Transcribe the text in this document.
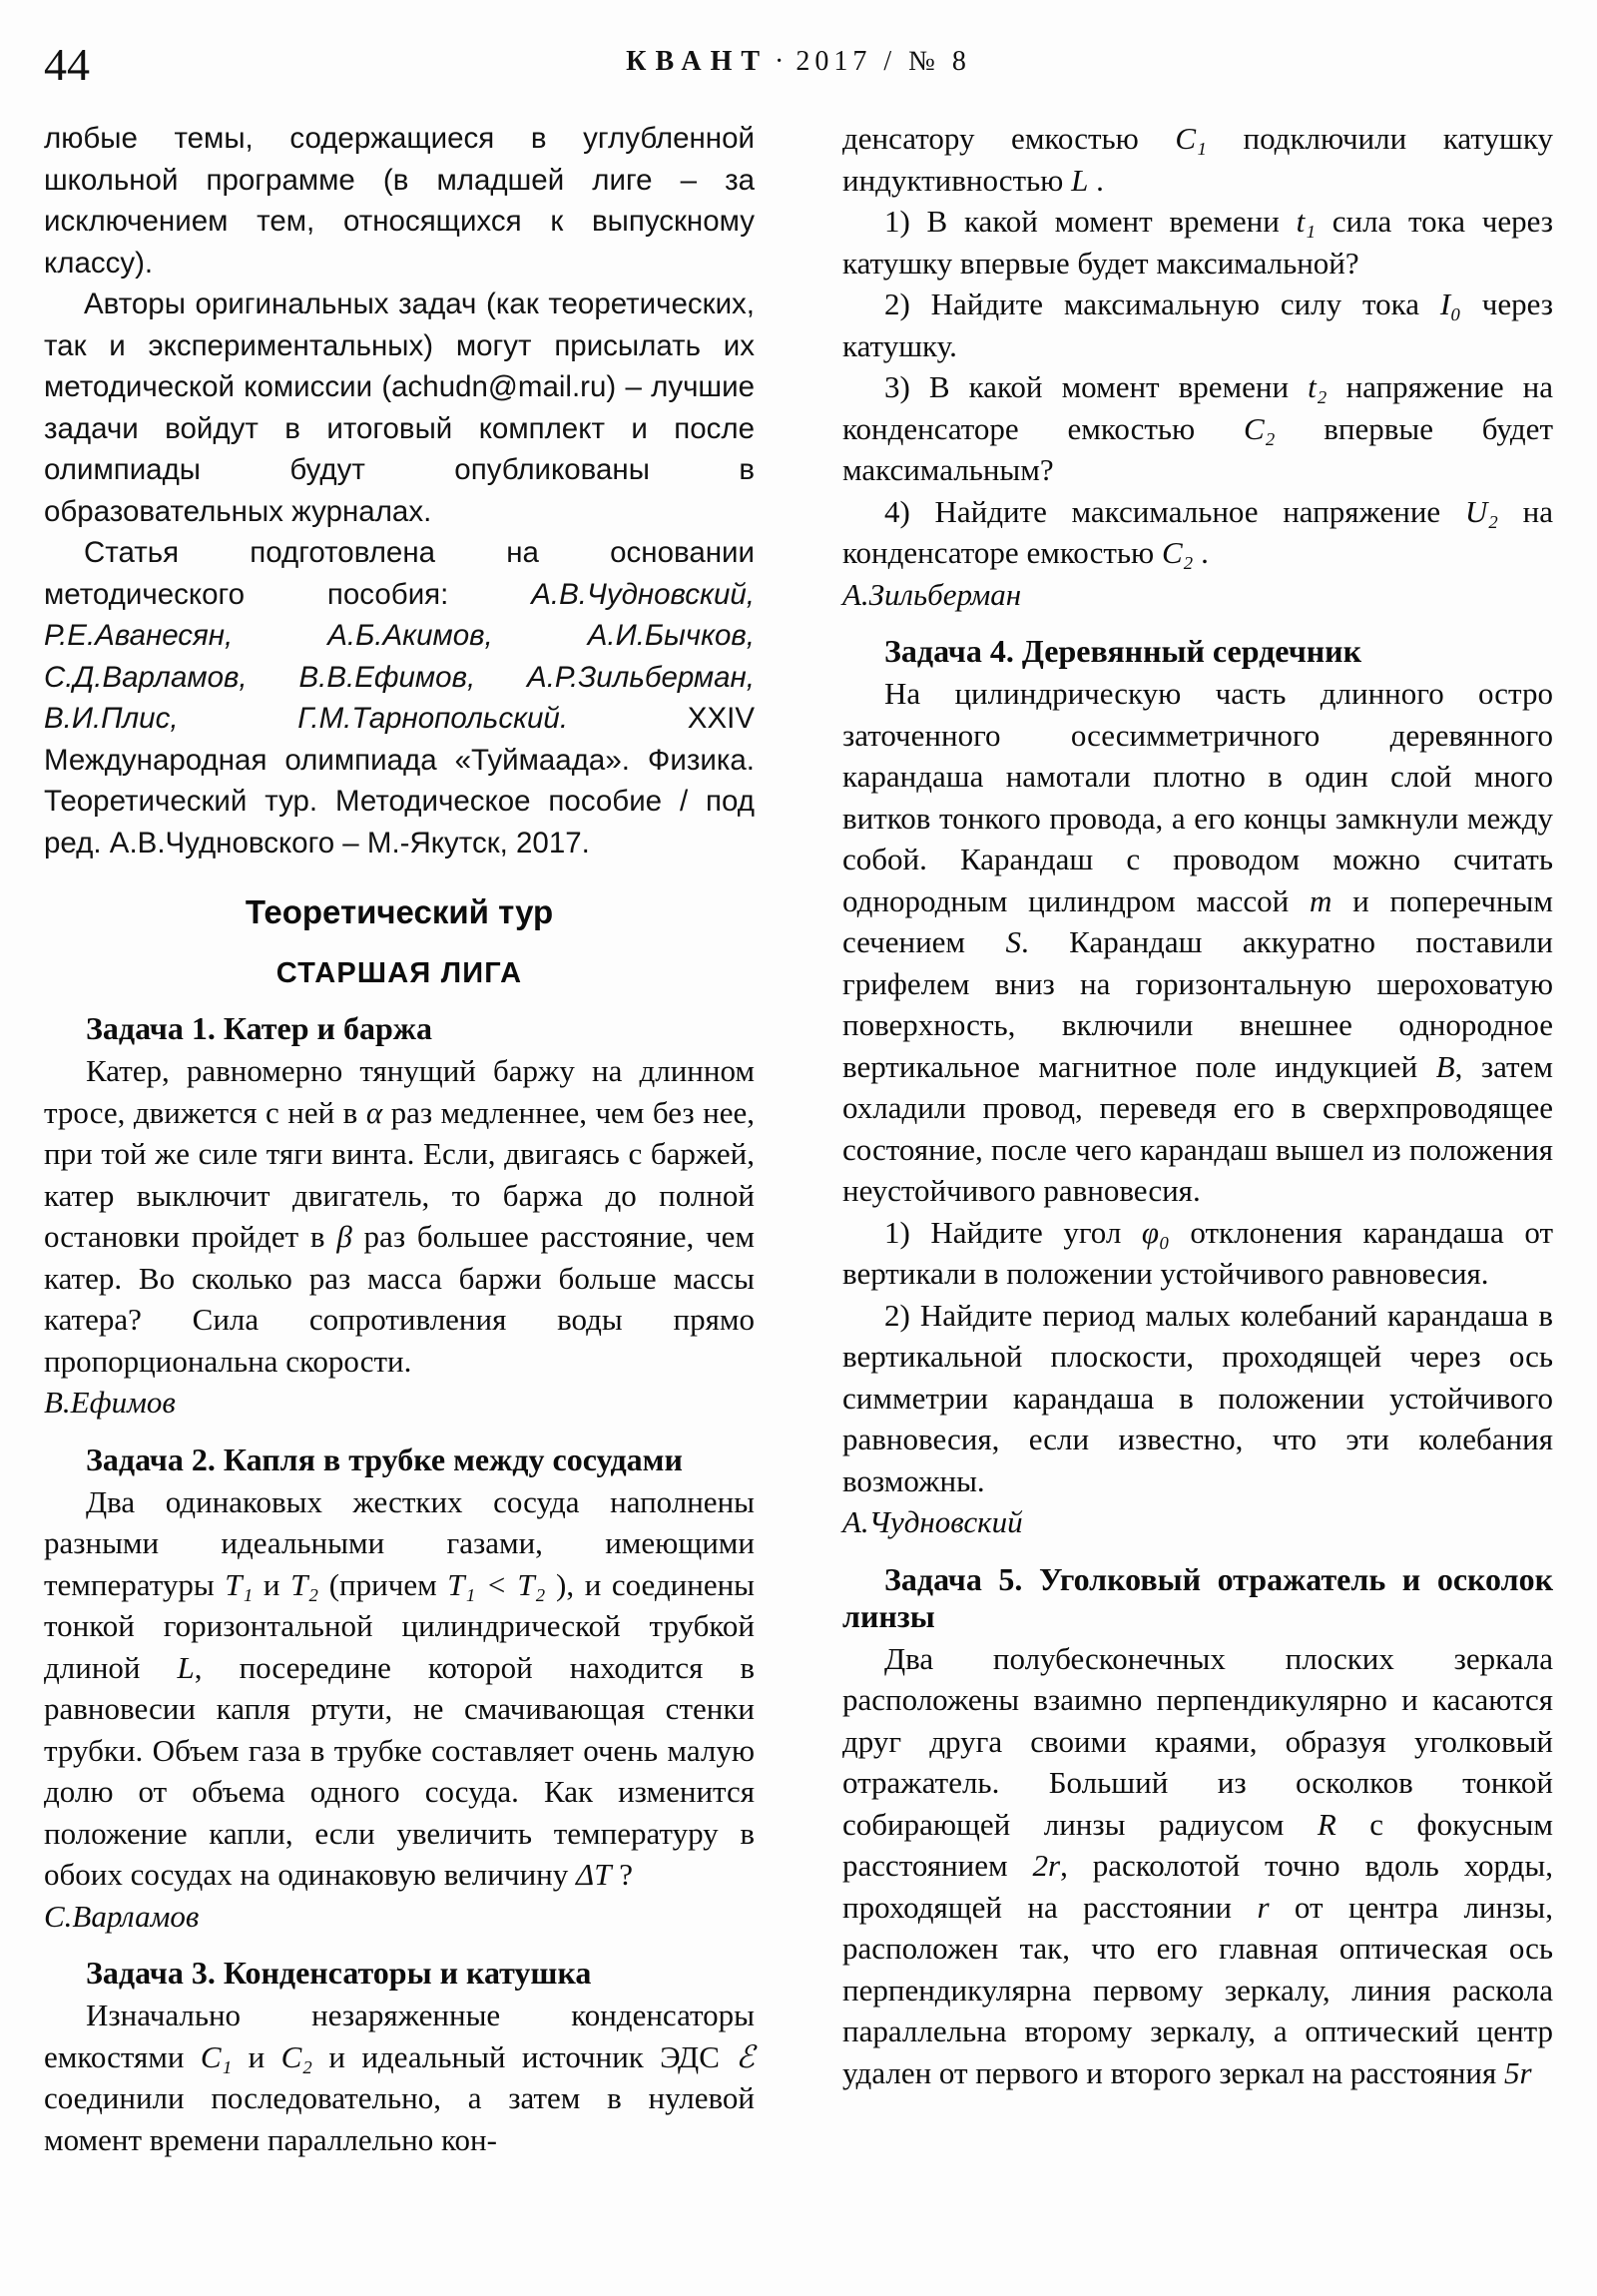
44	КВАНТ · 2017 / № 8

любые темы, содержащиеся в углубленной школьной программе (в младшей лиге – за исключением тем, относящихся к выпускному классу).

Авторы оригинальных задач (как теоретических, так и экспериментальных) могут присылать их методической комиссии (achudn@mail.ru) – лучшие задачи войдут в итоговый комплект и после олимпиады будут опубликованы в образовательных журналах.

Статья подготовлена на основании методического пособия: А.В.Чудновский, Р.Е.Аванесян, А.Б.Акимов, А.И.Бычков, С.Д.Варламов, В.В.Ефимов, А.Р.Зильберман, В.И.Плис, Г.М.Тарнопольский. XXIV Международная олимпиада «Туймаада». Физика. Теоретический тур. Методическое пособие / под ред. А.В.Чудновского – М.-Якутск, 2017.

Теоретический тур
СТАРШАЯ ЛИГА
Задача 1. Катер и баржа

Катер, равномерно тянущий баржу на длинном тросе, движется с ней в α раз медленнее, чем без нее, при той же силе тяги винта. Если, двигаясь с баржей, катер выключит двигатель, то баржа до полной остановки пройдет в β раз большее расстояние, чем катер. Во сколько раз масса баржи больше массы катера? Сила сопротивления воды прямо пропорциональна скорости.

В.Ефимов

Задача 2. Капля в трубке между сосудами

Два одинаковых жестких сосуда наполнены разными идеальными газами, имеющими температуры T₁ и T₂ (причем T₁ < T₂ ), и соединены тонкой горизонтальной цилиндрической трубкой длиной L, посередине которой находится в равновесии капля ртути, не смачивающая стенки трубки. Объем газа в трубке составляет очень малую долю от объема одного сосуда. Как изменится положение капли, если увеличить температуру в обоих сосудах на одинаковую величину ΔT ?

С.Варламов

Задача 3. Конденсаторы и катушка

Изначально незаряженные конденсаторы емкостями C₁ и C₂ и идеальный источник ЭДС ℰ соединили последовательно, а затем в нулевой момент времени параллельно кон-

денсатору емкостью C₁ подключили катушку индуктивностью L .

1) В какой момент времени t₁ сила тока через катушку впервые будет максимальной?

2) Найдите максимальную силу тока I₀ через катушку.

3) В какой момент времени t₂ напряжение на конденсаторе емкостью C₂ впервые будет максимальным?

4) Найдите максимальное напряжение U₂ на конденсаторе емкостью C₂ .

А.Зильберман

Задача 4. Деревянный сердечник

На цилиндрическую часть длинного остро заточенного осесимметричного деревянного карандаша намотали плотно в один слой много витков тонкого провода, а его концы замкнули между собой. Карандаш с проводом можно считать однородным цилиндром массой m и поперечным сечением S. Карандаш аккуратно поставили грифелем вниз на горизонтальную шероховатую поверхность, включили внешнее однородное вертикальное магнитное поле индукцией B, затем охладили провод, переведя его в сверхпроводящее состояние, после чего карандаш вышел из положения неустойчивого равновесия.

1) Найдите угол φ₀ отклонения карандаша от вертикали в положении устойчивого равновесия.

2) Найдите период малых колебаний карандаша в вертикальной плоскости, проходящей через ось симметрии карандаша в положении устойчивого равновесия, если известно, что эти колебания возможны.

А.Чудновский

Задача 5. Уголковый отражатель и осколок линзы

Два полубесконечных плоских зеркала расположены взаимно перпендикулярно и касаются друг друга своими краями, образуя уголковый отражатель. Больший из осколков тонкой собирающей линзы радиусом R с фокусным расстоянием 2r, расколотой точно вдоль хорды, проходящей на расстоянии r от центра линзы, расположен так, что его главная оптическая ось перпендикулярна первому зеркалу, линия раскола параллельна второму зеркалу, а оптический центр удален от первого и второго зеркал на расстояния 5r
